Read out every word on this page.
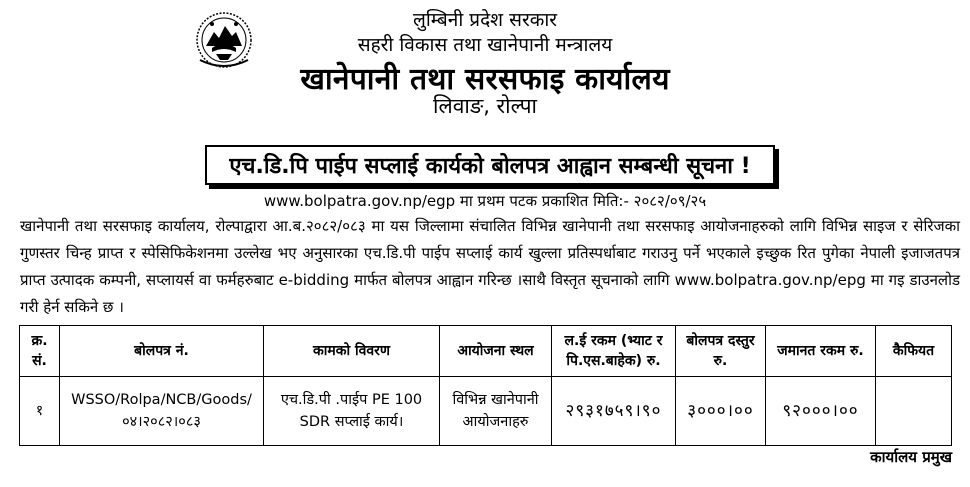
लुम्बिनी प्रदेश सरकार
सहरी विकास तथा खानेपानी मन्त्रालय
खानेपानी तथा सरसफाइ कार्यालय
लिवाङ, रोल्पा
एच.डि.पि पाईप सप्लाई कार्यको बोलपत्र आह्वान सम्बन्धी सूचना !
www.bolpatra.gov.np/egp मा प्रथम पटक प्रकाशित मिति:- २०८२/०९/२५
खानेपानी तथा सरसफाइ कार्यालय, रोल्पाद्वारा आ.ब.२०८२/०८३ मा यस जिल्लामा संचालित विभिन्न खानेपानी तथा सरसफाइ आयोजनाहरुको लागि विभिन्न साइज र सेरिजका गुणस्तर चिन्ह प्राप्त र स्पेसिफिकेशनमा उल्लेख भए अनुसारका एच.डि.पी पाईप सप्लाई कार्य खुल्ला प्रतिस्पर्धाबाट गराउनु पर्ने भएकाले इच्छुक रित पुगेका नेपाली इजाजतपत्र प्राप्त उत्पादक कम्पनी, सप्लायर्स वा फर्महरुबाट e-bidding मार्फत बोलपत्र आह्वान गरिन्छ ।साथै विस्तृत सूचनाको लागि www.bolpatra.gov.np/epg मा गइ डाउनलोड गरी हेर्न सकिने छ ।
क्र. सं.	बोलपत्र नं.	कामको विवरण	आयोजना स्थल	ल.ई रकम (भ्याट र पि.एस.बाहेक) रु.	बोलपत्र दस्तुर रु.	जमानत रकम रु.	कैफियत
१	WSSO/Rolpa/NCB/Goods/ ०४।२०८२।०८३	एच.डि.पी .पाईप PE 100 SDR सप्लाई कार्य।	विभिन्न खानेपानी आयोजनाहरु	२९३१७५९।९०	३०००।००	९२०००।००	
कार्यालय प्रमुख
